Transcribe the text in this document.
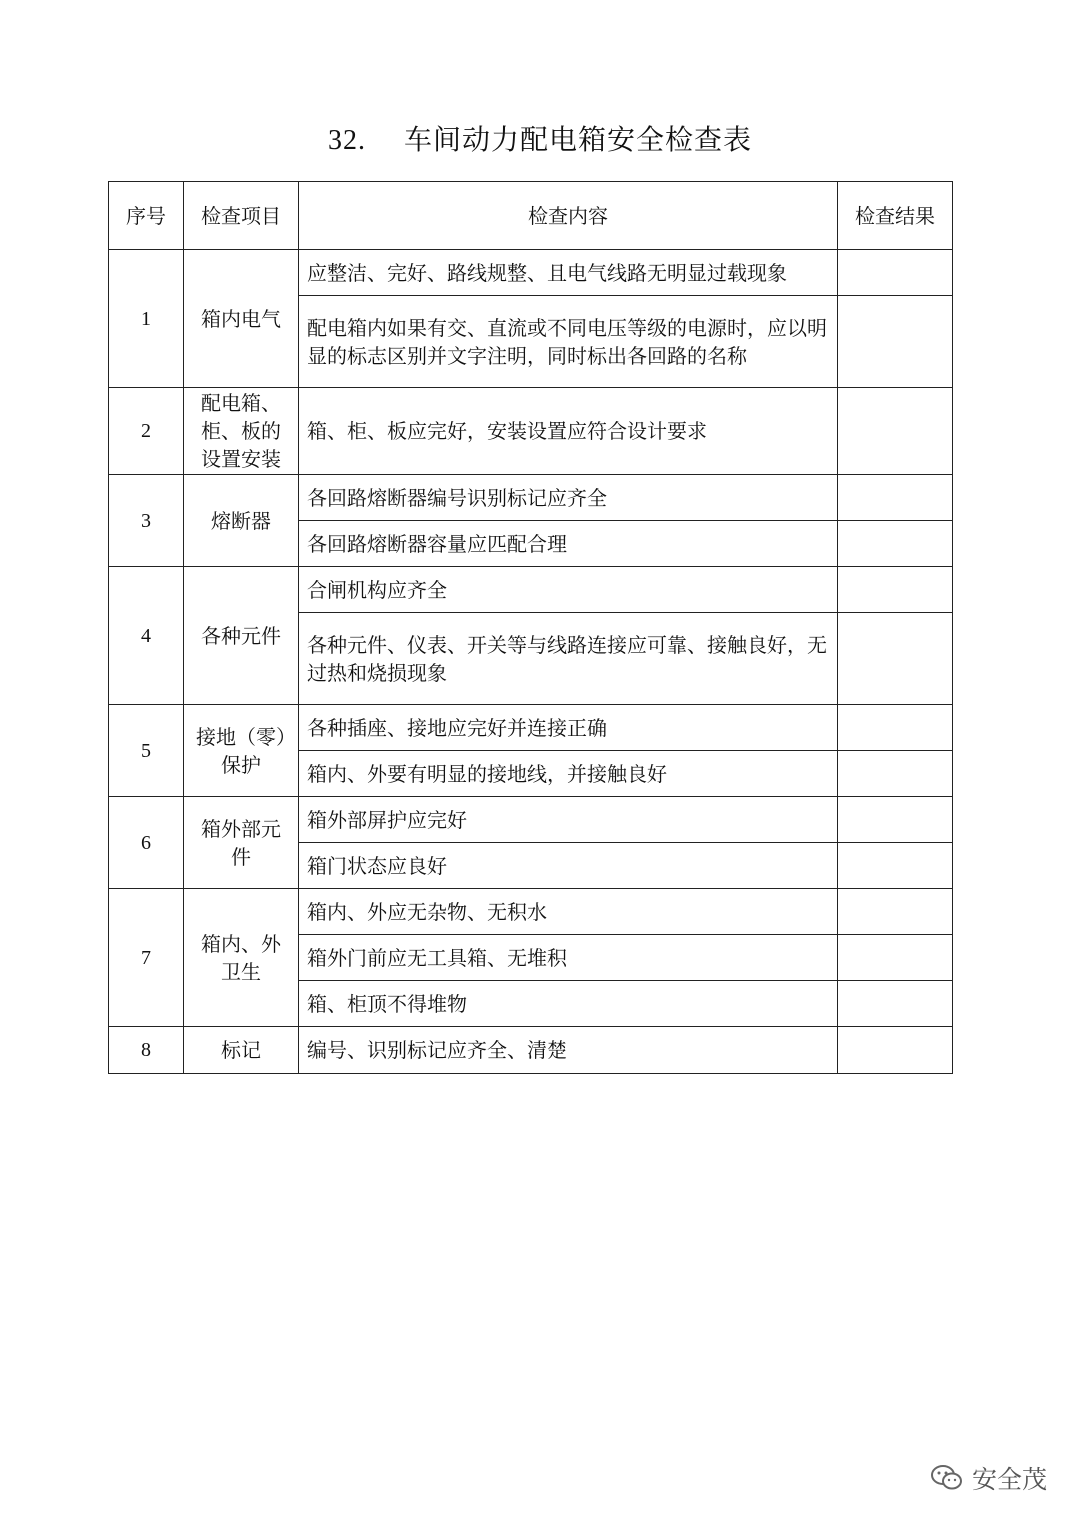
32. 车间动力配电箱安全检查表
序号	检查项目	检查内容	检查结果
1	箱内电气	应整洁、完好、路线规整、且电气线路无明显过载现象	
		配电箱内如果有交、直流或不同电压等级的电源时，应以明显的标志区别并文字注明，同时标出各回路的名称	
2	配电箱、柜、板的设置安装	箱、柜、板应完好，安装设置应符合设计要求	
3	熔断器	各回路熔断器编号识别标记应齐全	
		各回路熔断器容量应匹配合理	
4	各种元件	合闸机构应齐全	
		各种元件、仪表、开关等与线路连接应可靠、接触良好，无过热和烧损现象	
5	接地（零）保护	各种插座、接地应完好并连接正确	
		箱内、外要有明显的接地线，并接触良好	
6	箱外部元件	箱外部屏护应完好	
		箱门状态应良好	
7	箱内、外卫生	箱内、外应无杂物、无积水	
		箱外门前应无工具箱、无堆积	
		箱、柜顶不得堆物	
8	标记	编号、识别标记应齐全、清楚	
安全茂
